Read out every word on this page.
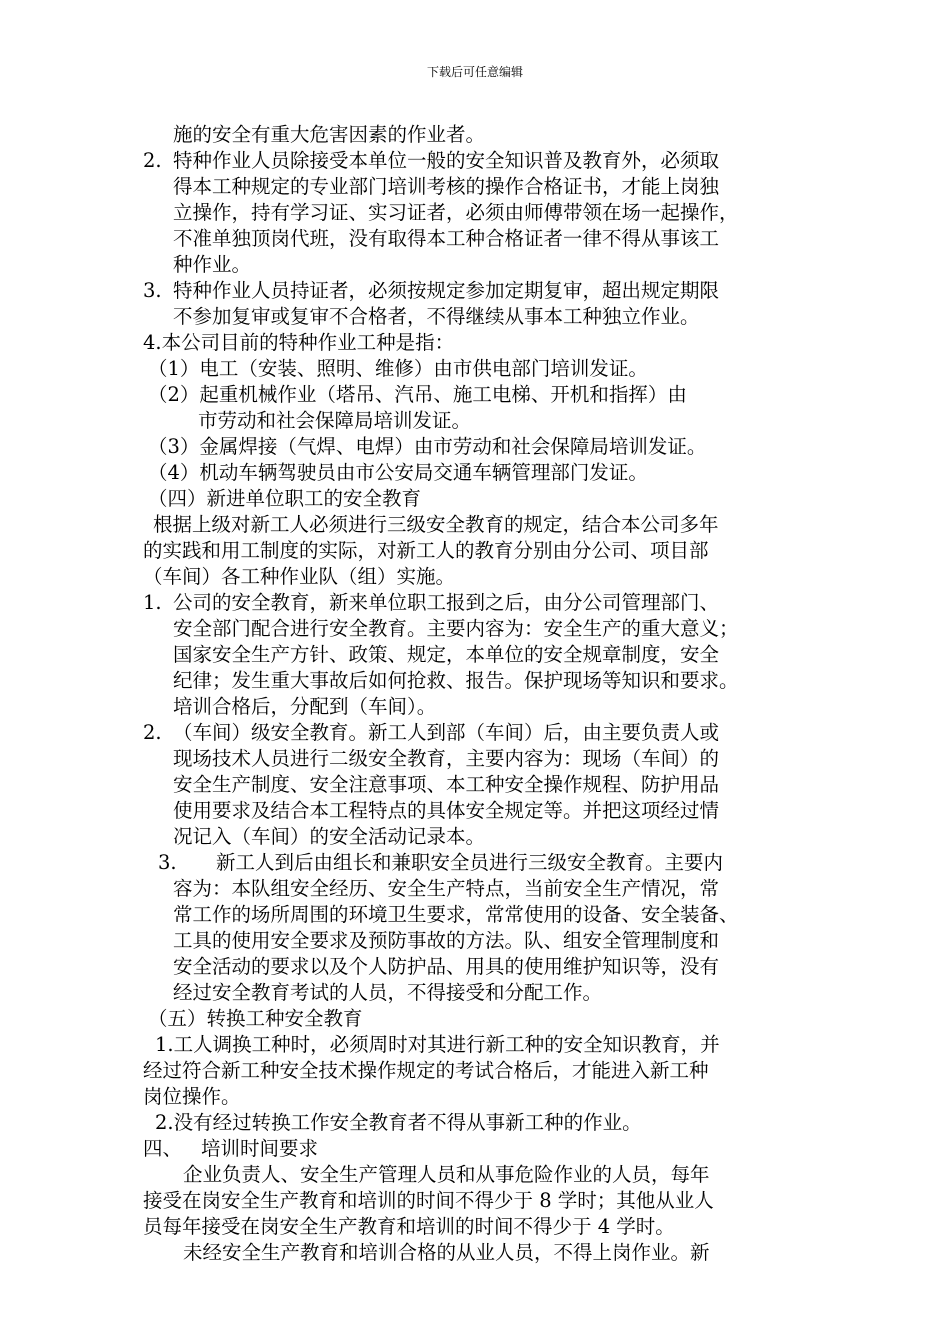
下载后可任意编辑

施的安全有重大危害因素的作业者。

2. 特种作业人员除接受本单位一般的安全知识普及教育外，必须取

得本工种规定的专业部门培训考核的操作合格证书，才能上岗独

立操作，持有学习证、实习证者，必须由师傅带领在场一起操作，

不准单独顶岗代班，没有取得本工种合格证者一律不得从事该工

种作业。

3. 特种作业人员持证者，必须按规定参加定期复审，超出规定期限

不参加复审或复审不合格者，不得继续从事本工种独立作业。

4.本公司目前的特种作业工种是指：

（1）电工（安装、照明、维修）由市供电部门培训发证。

（2）起重机械作业（塔吊、汽吊、施工电梯、开机和指挥）由

市劳动和社会保障局培训发证。

（3）金属焊接（气焊、电焊）由市劳动和社会保障局培训发证。

（4）机动车辆驾驶员由市公安局交通车辆管理部门发证。

（四）新进单位职工的安全教育

根据上级对新工人必须进行三级安全教育的规定，结合本公司多年

的实践和用工制度的实际，对新工人的教育分别由分公司、项目部

（车间）各工种作业队（组）实施。

1. 公司的安全教育，新来单位职工报到之后，由分公司管理部门、

安全部门配合进行安全教育。主要内容为：安全生产的重大意义；

国家安全生产方针、政策、规定，本单位的安全规章制度，安全

纪律；发生重大事故后如何抢救、报告。保护现场等知识和要求。

培训合格后，分配到（车间）。

2. （车间）级安全教育。新工人到部（车间）后，由主要负责人或

现场技术人员进行二级安全教育，主要内容为：现场（车间）的

安全生产制度、安全注意事项、本工种安全操作规程、防护用品

使用要求及结合本工程特点的具体安全规定等。并把这项经过情

况记入（车间）的安全活动记录本。

3. 新工人到后由组长和兼职安全员进行三级安全教育。主要内

容为：本队组安全经历、安全生产特点，当前安全生产情况，常

常工作的场所周围的环境卫生要求，常常使用的设备、安全装备、

工具的使用安全要求及预防事故的方法。队、组安全管理制度和

安全活动的要求以及个人防护品、用具的使用维护知识等，没有

经过安全教育考试的人员，不得接受和分配工作。

（五）转换工种安全教育

1.工人调换工种时，必须周时对其进行新工种的安全知识教育，并

经过符合新工种安全技术操作规定的考试合格后，才能进入新工种

岗位操作。

2.没有经过转换工作安全教育者不得从事新工种的作业。

四、 培训时间要求

企业负责人、安全生产管理人员和从事危险作业的人员，每年

接受在岗安全生产教育和培训的时间不得少于 8 学时；其他从业人

员每年接受在岗安全生产教育和培训的时间不得少于 4 学时。

未经安全生产教育和培训合格的从业人员，不得上岗作业。新
